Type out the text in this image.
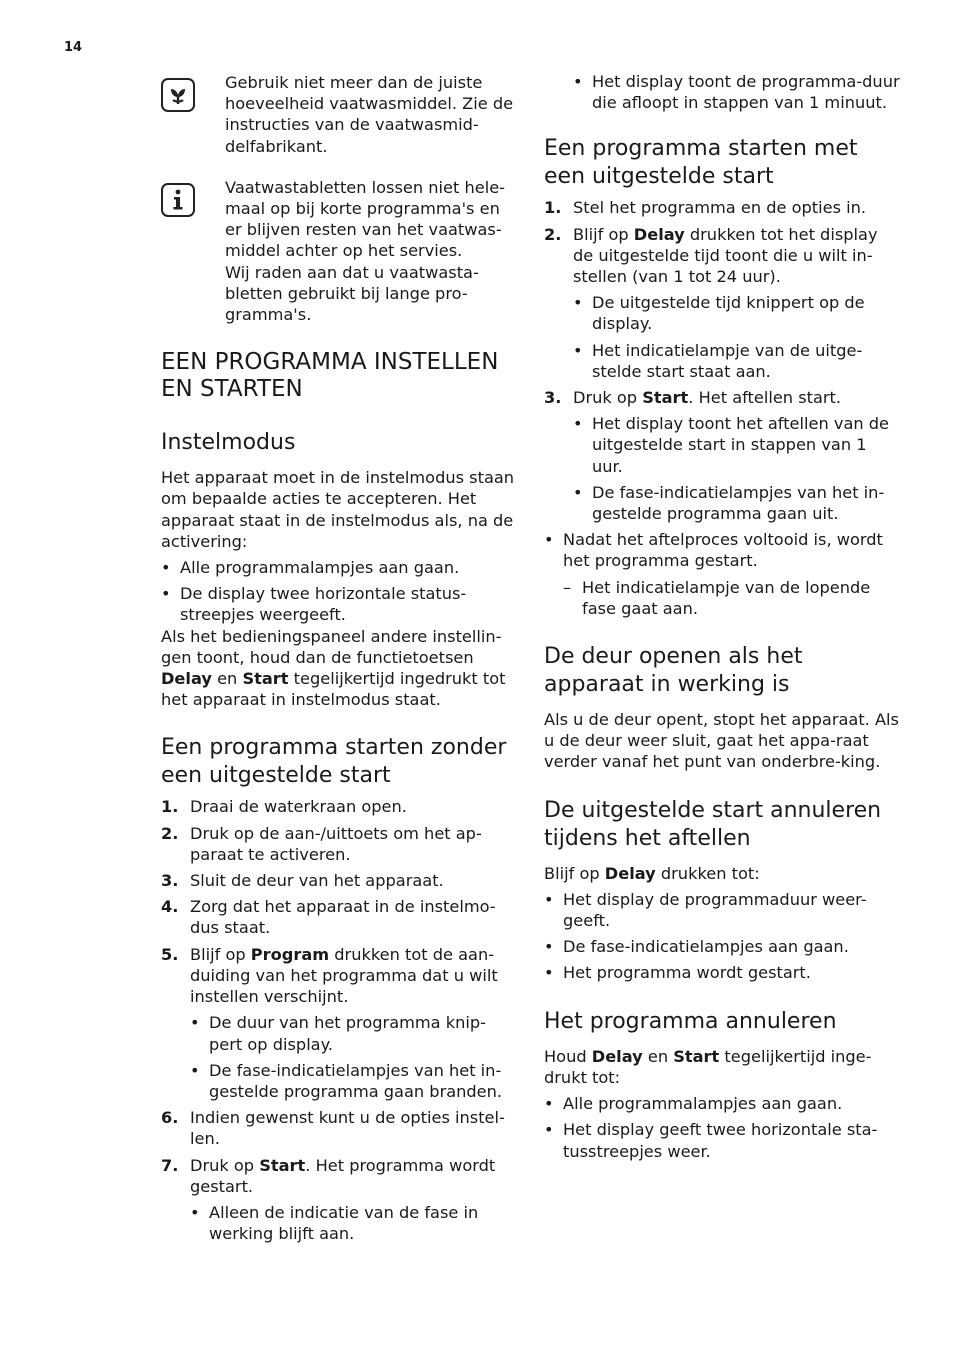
14

Gebruik niet meer dan de juiste hoeveelheid vaatwasmiddel. Zie de instructies van de vaatwasmid-delfabrikant.

Vaatwastabletten lossen niet hele-maal op bij korte programma's en er blijven resten van het vaatwas-middel achter op het servies.

Wij raden aan dat u vaatwasta-bletten gebruikt bij lange pro-gramma's.

EEN PROGRAMMA INSTELLEN EN STARTEN
Instelmodus

Het apparaat moet in de instelmodus staan om bepaalde acties te accepteren. Het apparaat staat in de instelmodus als, na de activering:

• Alle programmalampjes aan gaan.
• De display twee horizontale status-streepjes weergeeft.

Als het bedieningspaneel andere instellin-gen toont, houd dan de functietoetsen Delay en Start tegelijkertijd ingedrukt tot het apparaat in instelmodus staat.

Een programma starten zonder een uitgestelde start
1. Draai de waterkraan open.
2. Druk op de aan-/uittoets om het ap-paraat te activeren.
3. Sluit de deur van het apparaat.
4. Zorg dat het apparaat in de instelmo-dus staat.
5. Blijf op Program drukken tot de aan-duiding van het programma dat u wilt instellen verschijnt.
• De duur van het programma knip-pert op display.
• De fase-indicatielampjes van het in-gestelde programma gaan branden.
6. Indien gewenst kunt u de opties instel-len.
7. Druk op Start. Het programma wordt gestart.
• Alleen de indicatie van de fase in werking blijft aan.
• Het display toont de programma-duur die afloopt in stappen van 1 minuut.
Een programma starten met een uitgestelde start
1. Stel het programma en de opties in.
2. Blijf op Delay drukken tot het display de uitgestelde tijd toont die u wilt in-stellen (van 1 tot 24 uur).
• De uitgestelde tijd knippert op de display.
• Het indicatielampje van de uitge-stelde start staat aan.
3. Druk op Start. Het aftellen start.
• Het display toont het aftellen van de uitgestelde start in stappen van 1 uur.
• De fase-indicatielampjes van het in-gestelde programma gaan uit.
• Nadat het aftelproces voltooid is, wordt het programma gestart.
– Het indicatielampje van de lopende fase gaat aan.
De deur openen als het apparaat in werking is

Als u de deur opent, stopt het apparaat. Als u de deur weer sluit, gaat het appa-raat verder vanaf het punt van onderbre-king.

De uitgestelde start annuleren tijdens het aftellen

Blijf op Delay drukken tot:

• Het display de programmaduur weer-geeft.
• De fase-indicatielampjes aan gaan.
• Het programma wordt gestart.
Het programma annuleren

Houd Delay en Start tegelijkertijd inge-drukt tot:

• Alle programmalampjes aan gaan.
• Het display geeft twee horizontale sta-tusstreepjes weer.
